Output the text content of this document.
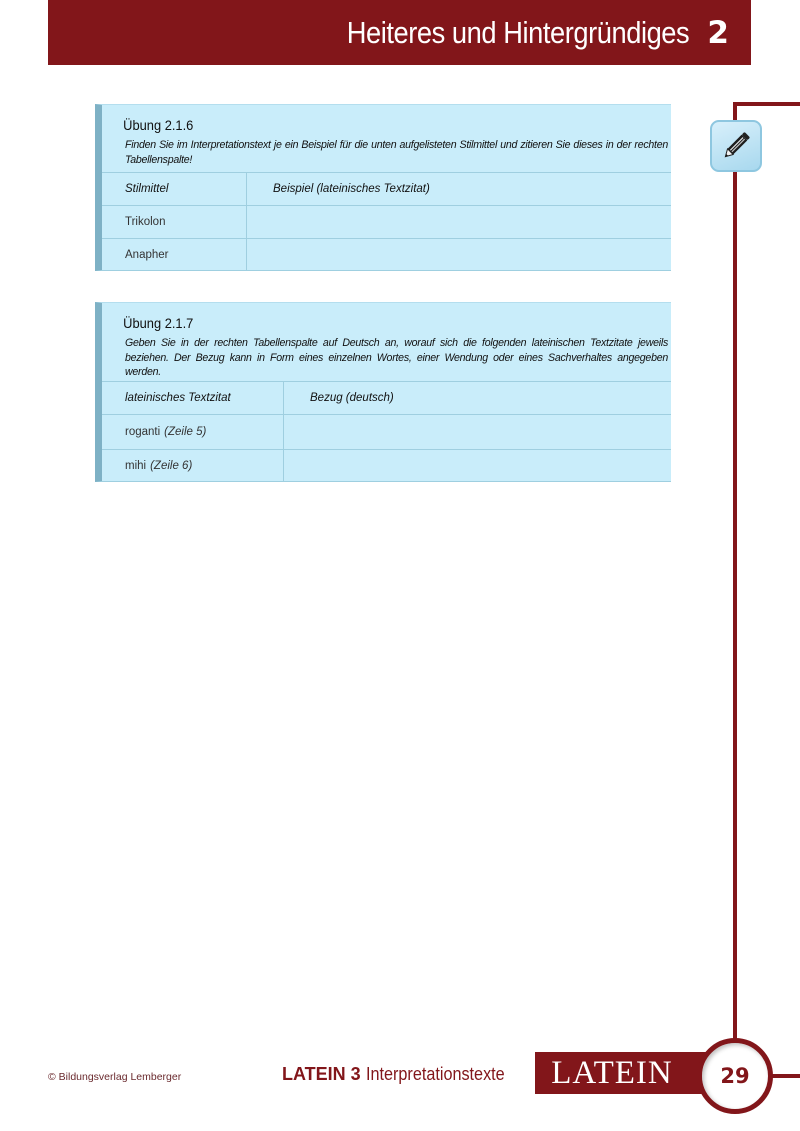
Heiteres und Hintergründiges 2
Übung 2.1.6
Finden Sie im Interpretationstext je ein Beispiel für die unten aufgelisteten Stilmittel und zitieren Sie dieses in der rechten Tabellenspalte!
Stilmittel	Beispiel (lateinisches Textzitat)
Trikolon
Anapher
Übung 2.1.7
Geben Sie in der rechten Tabellenspalte auf Deutsch an, worauf sich die folgenden lateinischen Textzitate jeweils beziehen. Der Bezug kann in Form eines einzelnen Wortes, einer Wendung oder eines Sachverhaltes angegeben werden.
lateinisches Textzitat	Bezug (deutsch)
roganti (Zeile 5)
mihi (Zeile 6)
© Bildungsverlag Lemberger	LATEIN 3 Interpretationstexte	LATEIN	29
